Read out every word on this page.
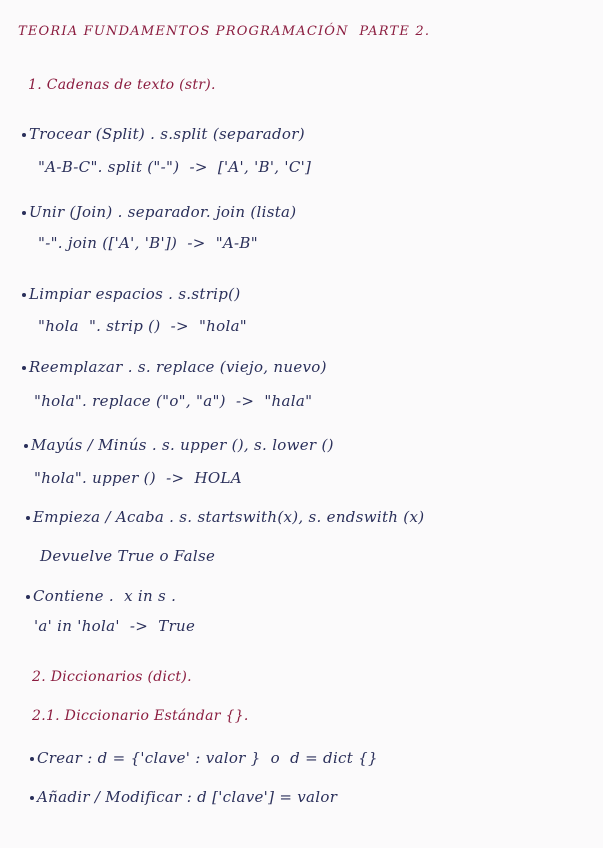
TEORIA FUNDAMENTOS PROGRAMACIÓN  PARTE 2.
1. Cadenas de texto (str).
Trocear (Split) . s.split (separador)
"A-B-C". split ("-")  ->  ['A', 'B', 'C']
Unir (Join) . separador. join (lista)
"-". join (['A', 'B'])  ->  "A-B"
Limpiar espacios . s.strip()
"hola  ". strip ()  ->  "hola"
Reemplazar . s. replace (viejo, nuevo)
"hola". replace ("o", "a")  ->  "hala"
Mayús / Minús . s. upper (), s. lower ()
"hola". upper ()  ->  HOLA
Empieza / Acaba . s. startswith(x), s. endswith (x)
Devuelve True o False
Contiene .  x in s .
'a' in 'hola'  ->  True
2. Diccionarios (dict).
2.1. Diccionario Estándar {}.
Crear : d = {'clave' : valor }  o  d = dict {}
Añadir / Modificar : d ['clave'] = valor
